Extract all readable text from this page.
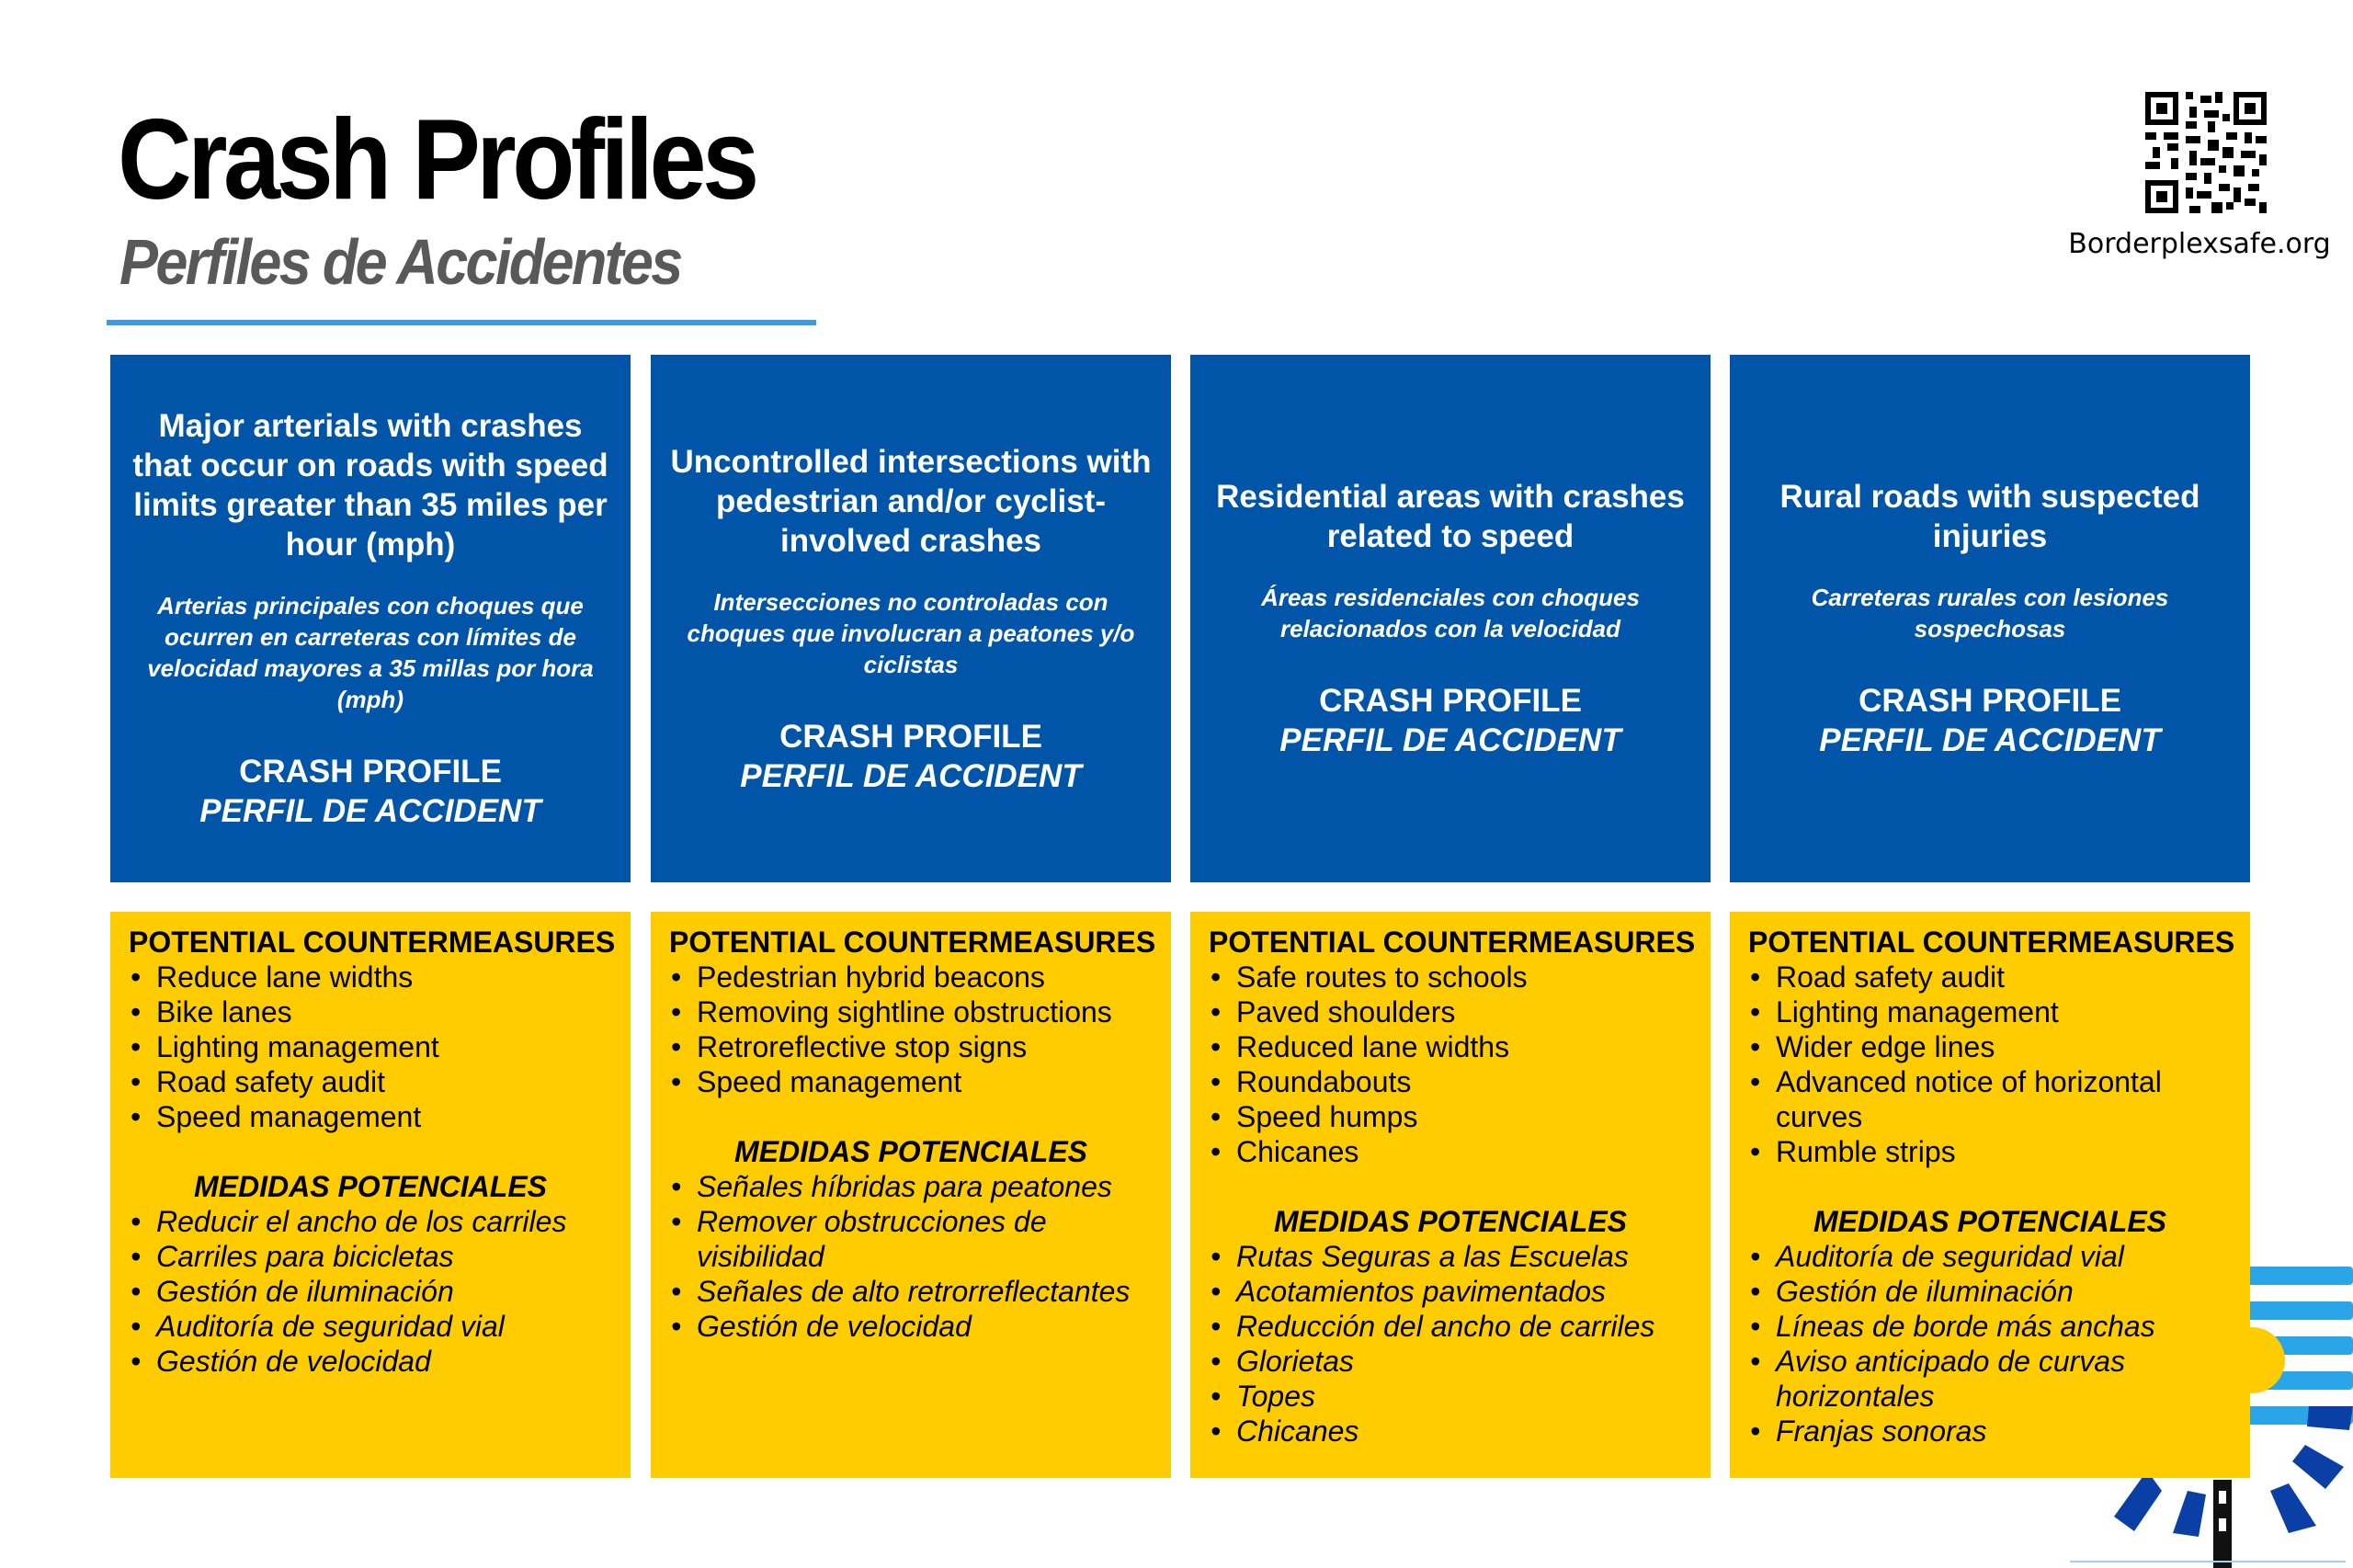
Crash Profiles
Perfiles de Accidentes	Borderplexsafe.org
Major arterials with crashes that occur on roads with speed limits greater than 35 miles per hour (mph)
Arterias principales con choques que ocurren en carreteras con límites de velocidad mayores a 35 millas por hora (mph)
CRASH PROFILE
PERFIL DE ACCIDENT
POTENTIAL COUNTERMEASURES
• Reduce lane widths
• Bike lanes
• Lighting management
• Road safety audit
• Speed management
MEDIDAS POTENCIALES
• Reducir el ancho de los carriles
• Carriles para bicicletas
• Gestión de iluminación
• Auditoría de seguridad vial
• Gestión de velocidad
Uncontrolled intersections with pedestrian and/or cyclist-involved crashes
Intersecciones no controladas con choques que involucran a peatones y/o ciclistas
CRASH PROFILE
PERFIL DE ACCIDENT
POTENTIAL COUNTERMEASURES
• Pedestrian hybrid beacons
• Removing sightline obstructions
• Retroreflective stop signs
• Speed management
MEDIDAS POTENCIALES
• Señales híbridas para peatones
• Remover obstrucciones de visibilidad
• Señales de alto retrorreflectantes
• Gestión de velocidad
Residential areas with crashes related to speed
Áreas residenciales con choques relacionados con la velocidad
CRASH PROFILE
PERFIL DE ACCIDENT
POTENTIAL COUNTERMEASURES
• Safe routes to schools
• Paved shoulders
• Reduced lane widths
• Roundabouts
• Speed humps
• Chicanes
MEDIDAS POTENCIALES
• Rutas Seguras a las Escuelas
• Acotamientos pavimentados
• Reducción del ancho de carriles
• Glorietas
• Topes
• Chicanes
Rural roads with suspected injuries
Carreteras rurales con lesiones sospechosas
CRASH PROFILE
PERFIL DE ACCIDENT
POTENTIAL COUNTERMEASURES
• Road safety audit
• Lighting management
• Wider edge lines
• Advanced notice of horizontal curves
• Rumble strips
MEDIDAS POTENCIALES
• Auditoría de seguridad vial
• Gestión de iluminación
• Líneas de borde más anchas
• Aviso anticipado de curvas horizontales
• Franjas sonoras
